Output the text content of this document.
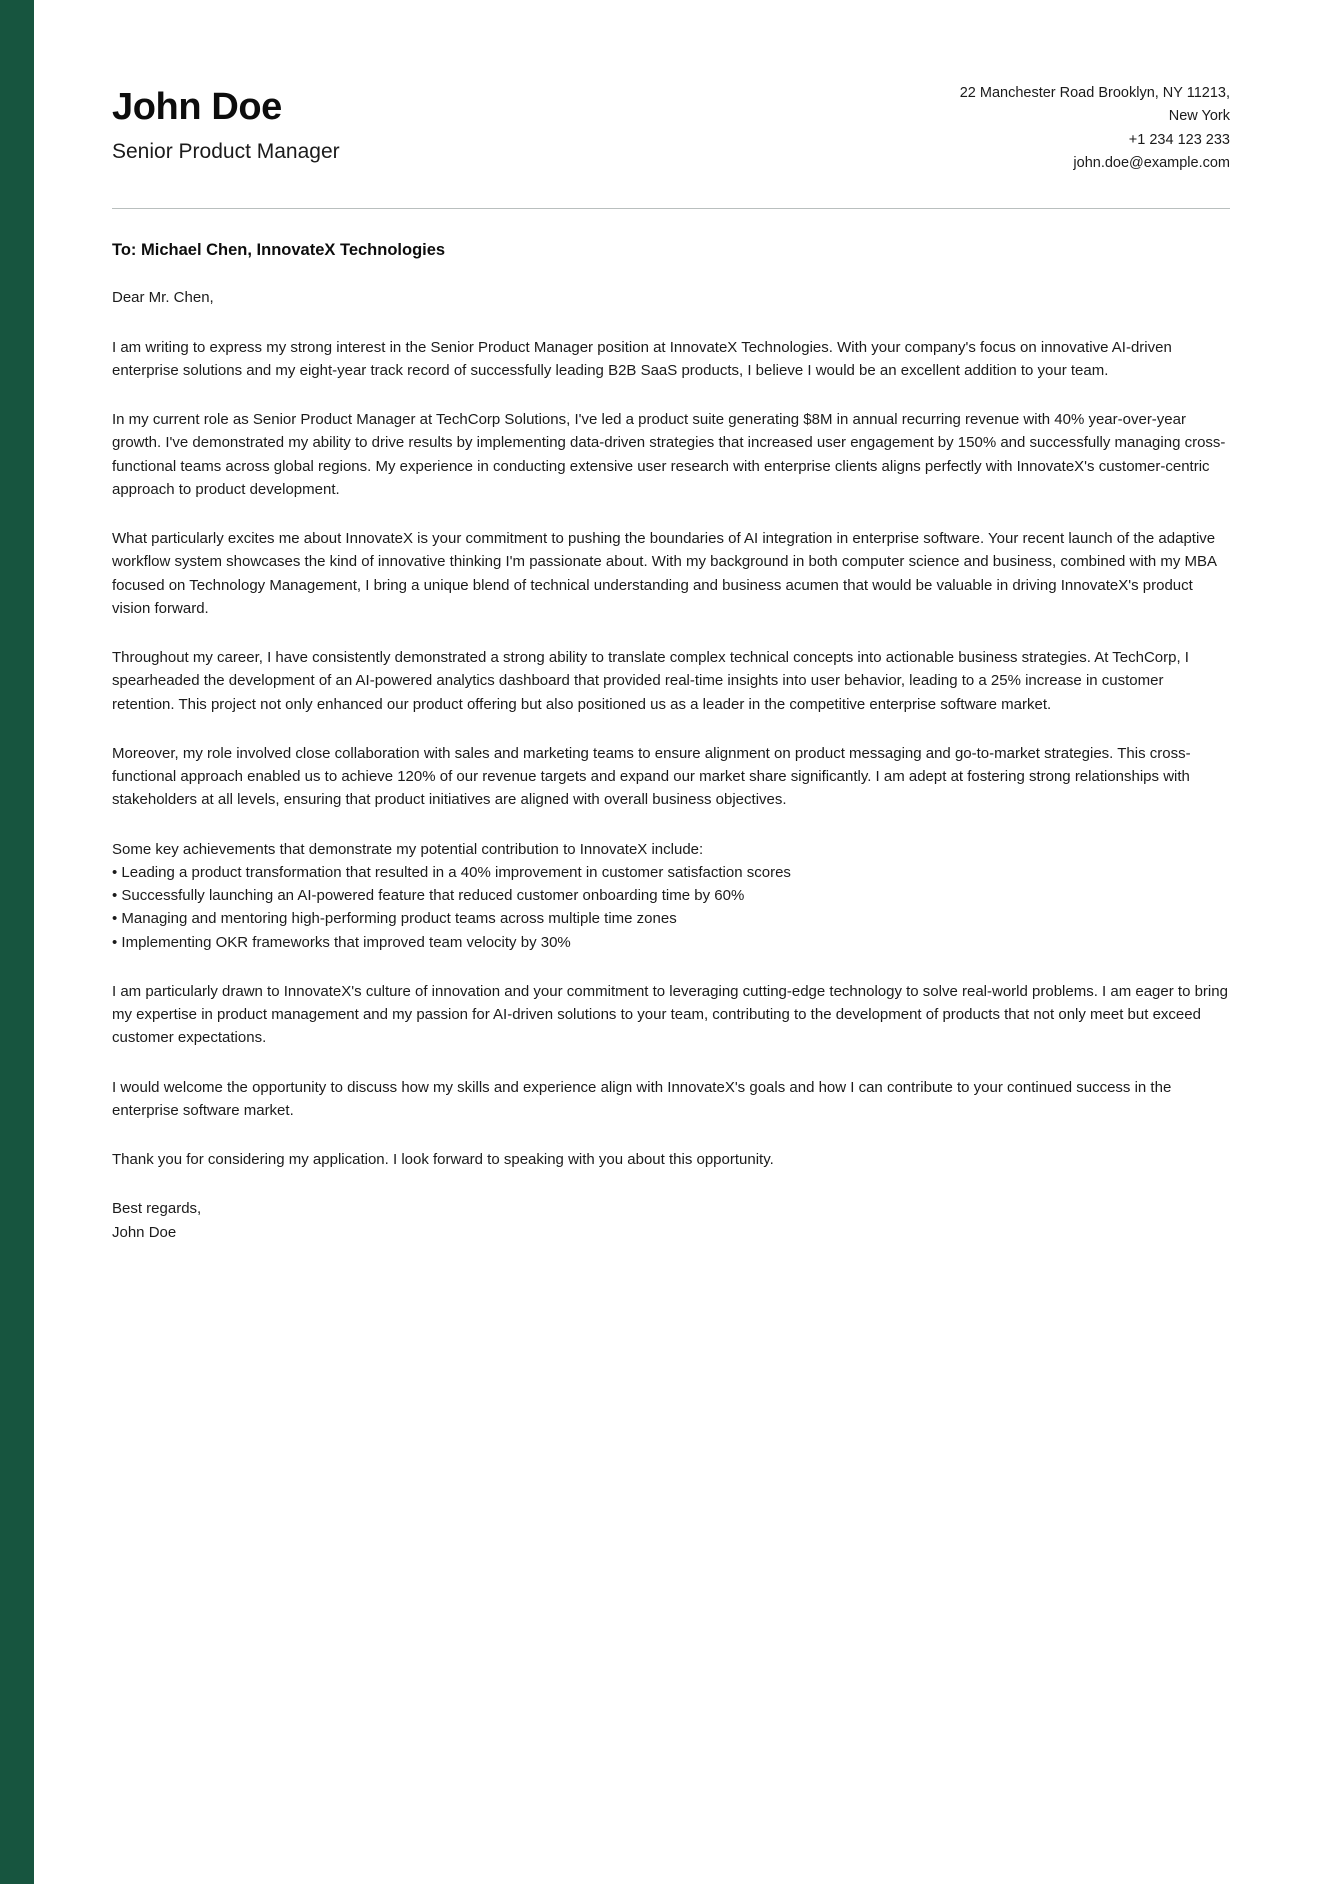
John Doe
Senior Product Manager
22 Manchester Road Brooklyn, NY 11213,
New York
+1 234 123 233
john.doe@example.com
To: Michael Chen, InnovateX Technologies
Dear Mr. Chen,

I am writing to express my strong interest in the Senior Product Manager position at InnovateX Technologies. With your company's focus on innovative AI-driven enterprise solutions and my eight-year track record of successfully leading B2B SaaS products, I believe I would be an excellent addition to your team.

In my current role as Senior Product Manager at TechCorp Solutions, I've led a product suite generating $8M in annual recurring revenue with 40% year-over-year growth. I've demonstrated my ability to drive results by implementing data-driven strategies that increased user engagement by 150% and successfully managing cross-functional teams across global regions. My experience in conducting extensive user research with enterprise clients aligns perfectly with InnovateX's customer-centric approach to product development.

What particularly excites me about InnovateX is your commitment to pushing the boundaries of AI integration in enterprise software. Your recent launch of the adaptive workflow system showcases the kind of innovative thinking I'm passionate about. With my background in both computer science and business, combined with my MBA focused on Technology Management, I bring a unique blend of technical understanding and business acumen that would be valuable in driving InnovateX's product vision forward.

Throughout my career, I have consistently demonstrated a strong ability to translate complex technical concepts into actionable business strategies. At TechCorp, I spearheaded the development of an AI-powered analytics dashboard that provided real-time insights into user behavior, leading to a 25% increase in customer retention. This project not only enhanced our product offering but also positioned us as a leader in the competitive enterprise software market.

Moreover, my role involved close collaboration with sales and marketing teams to ensure alignment on product messaging and go-to-market strategies. This cross-functional approach enabled us to achieve 120% of our revenue targets and expand our market share significantly. I am adept at fostering strong relationships with stakeholders at all levels, ensuring that product initiatives are aligned with overall business objectives.

Some key achievements that demonstrate my potential contribution to InnovateX include:
• Leading a product transformation that resulted in a 40% improvement in customer satisfaction scores
• Successfully launching an AI-powered feature that reduced customer onboarding time by 60%
• Managing and mentoring high-performing product teams across multiple time zones
• Implementing OKR frameworks that improved team velocity by 30%

I am particularly drawn to InnovateX's culture of innovation and your commitment to leveraging cutting-edge technology to solve real-world problems. I am eager to bring my expertise in product management and my passion for AI-driven solutions to your team, contributing to the development of products that not only meet but exceed customer expectations.

I would welcome the opportunity to discuss how my skills and experience align with InnovateX's goals and how I can contribute to your continued success in the enterprise software market.

Thank you for considering my application. I look forward to speaking with you about this opportunity.

Best regards,
John Doe
